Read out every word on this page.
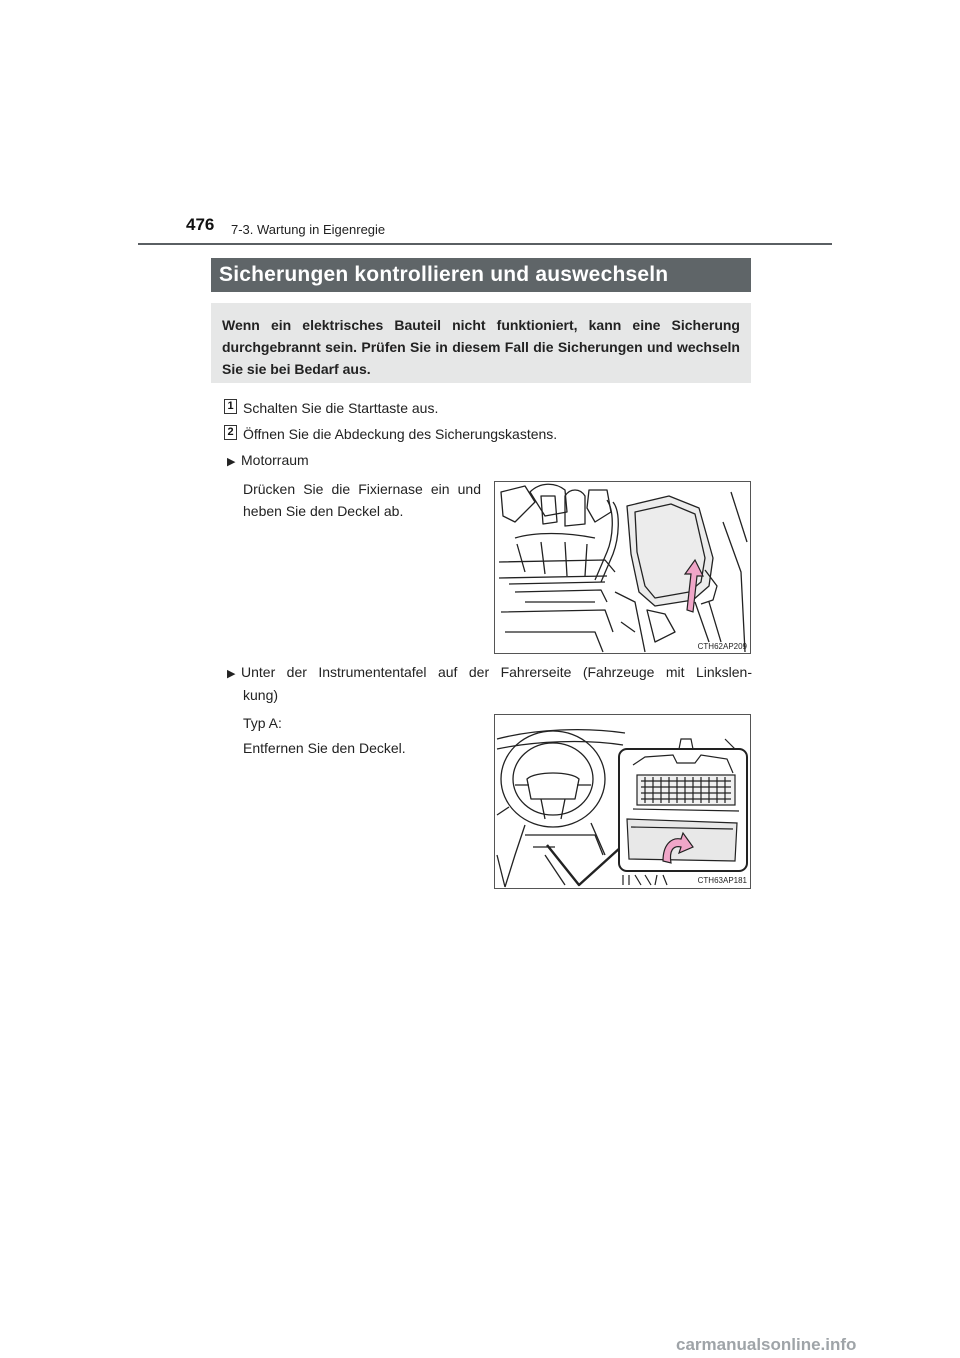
476 7-3. Wartung in Eigenregie
Sicherungen kontrollieren und auswechseln
Wenn ein elektrisches Bauteil nicht funktioniert, kann eine Sicherung durchgebrannt sein. Prüfen Sie in diesem Fall die Sicherungen und wechseln Sie sie bei Bedarf aus.
1 Schalten Sie die Starttaste aus.
2 Öffnen Sie die Abdeckung des Sicherungskastens.
▶ Motorraum
Drücken Sie die Fixiernase ein und
heben Sie den Deckel ab.
CTH62AP209
▶ Unter der Instrumententafel auf der Fahrerseite (Fahrzeuge mit Linkslen-
kung)
Typ A:
Entfernen Sie den Deckel.
CTH63AP181
carmanualsonline.info
